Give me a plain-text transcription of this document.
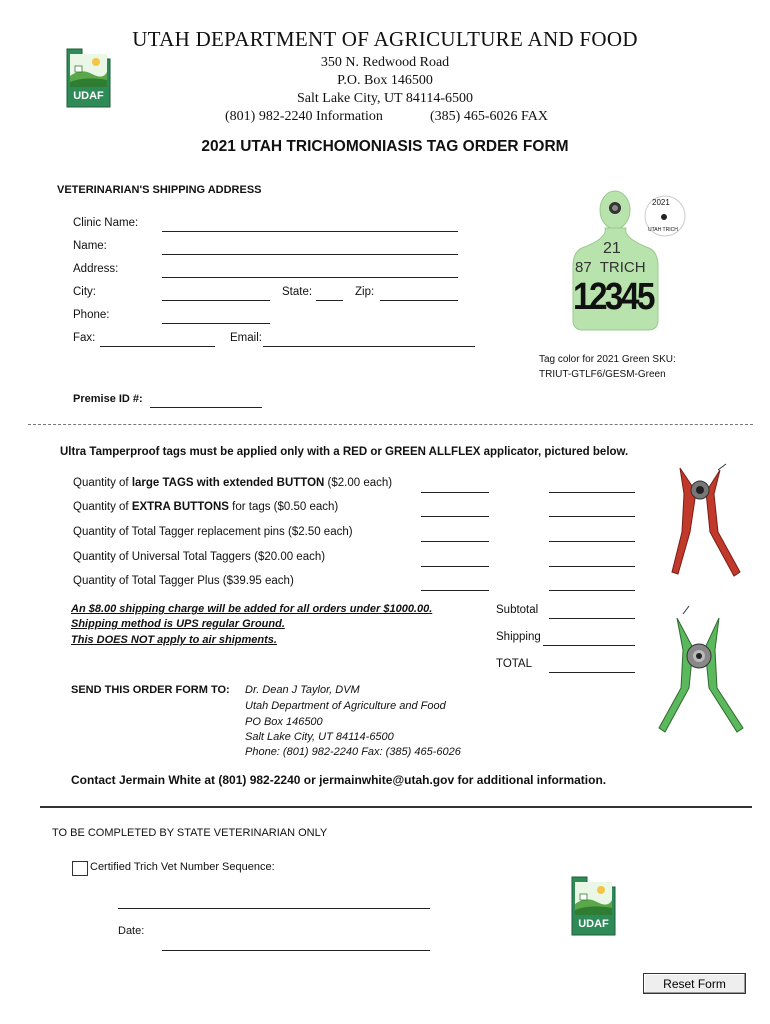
UDAF
UTAH DEPARTMENT OF AGRICULTURE AND FOOD
350 N. Redwood Road
P.O. Box 146500
Salt Lake City, UT 84114-6500
(801) 982-2240 Information	(385) 465-6026 FAX
2021 UTAH TRICHOMONIASIS TAG ORDER FORM
VETERINARIAN'S SHIPPING ADDRESS
Clinic Name:
Name:
Address:
City:	State:	Zip:
Phone:
Fax:	Email:
2021
UTAH TRICH
21
87  TRICH
12345
Tag color for 2021 Green SKU:
TRIUT-GTLF6/GESM-Green
Premise ID #:
Ultra Tamperproof tags must be applied only with a RED or GREEN ALLFLEX applicator, pictured below.
Quantity of large TAGS with extended BUTTON ($2.00 each)
Quantity of EXTRA BUTTONS for tags ($0.50 each)
Quantity of Total Tagger replacement pins ($2.50 each)
Quantity of Universal Total Taggers ($20.00 each)
Quantity of Total Tagger Plus ($39.95 each)
An $8.00 shipping charge will be added for all orders under $1000.00.
Shipping method is UPS regular Ground.
This DOES NOT apply to air shipments.
Subtotal
Shipping
TOTAL
SEND THIS ORDER FORM TO: Dr. Dean J Taylor, DVM
Utah Department of Agriculture and Food
PO Box 146500
Salt Lake City, UT 84114-6500
Phone: (801) 982-2240 Fax: (385) 465-6026
Contact Jermain White at (801) 982-2240 or jermainwhite@utah.gov for additional information.
TO BE COMPLETED BY STATE VETERINARIAN ONLY
Certified Trich Vet Number Sequence:
Date:
UDAF
Reset Form
